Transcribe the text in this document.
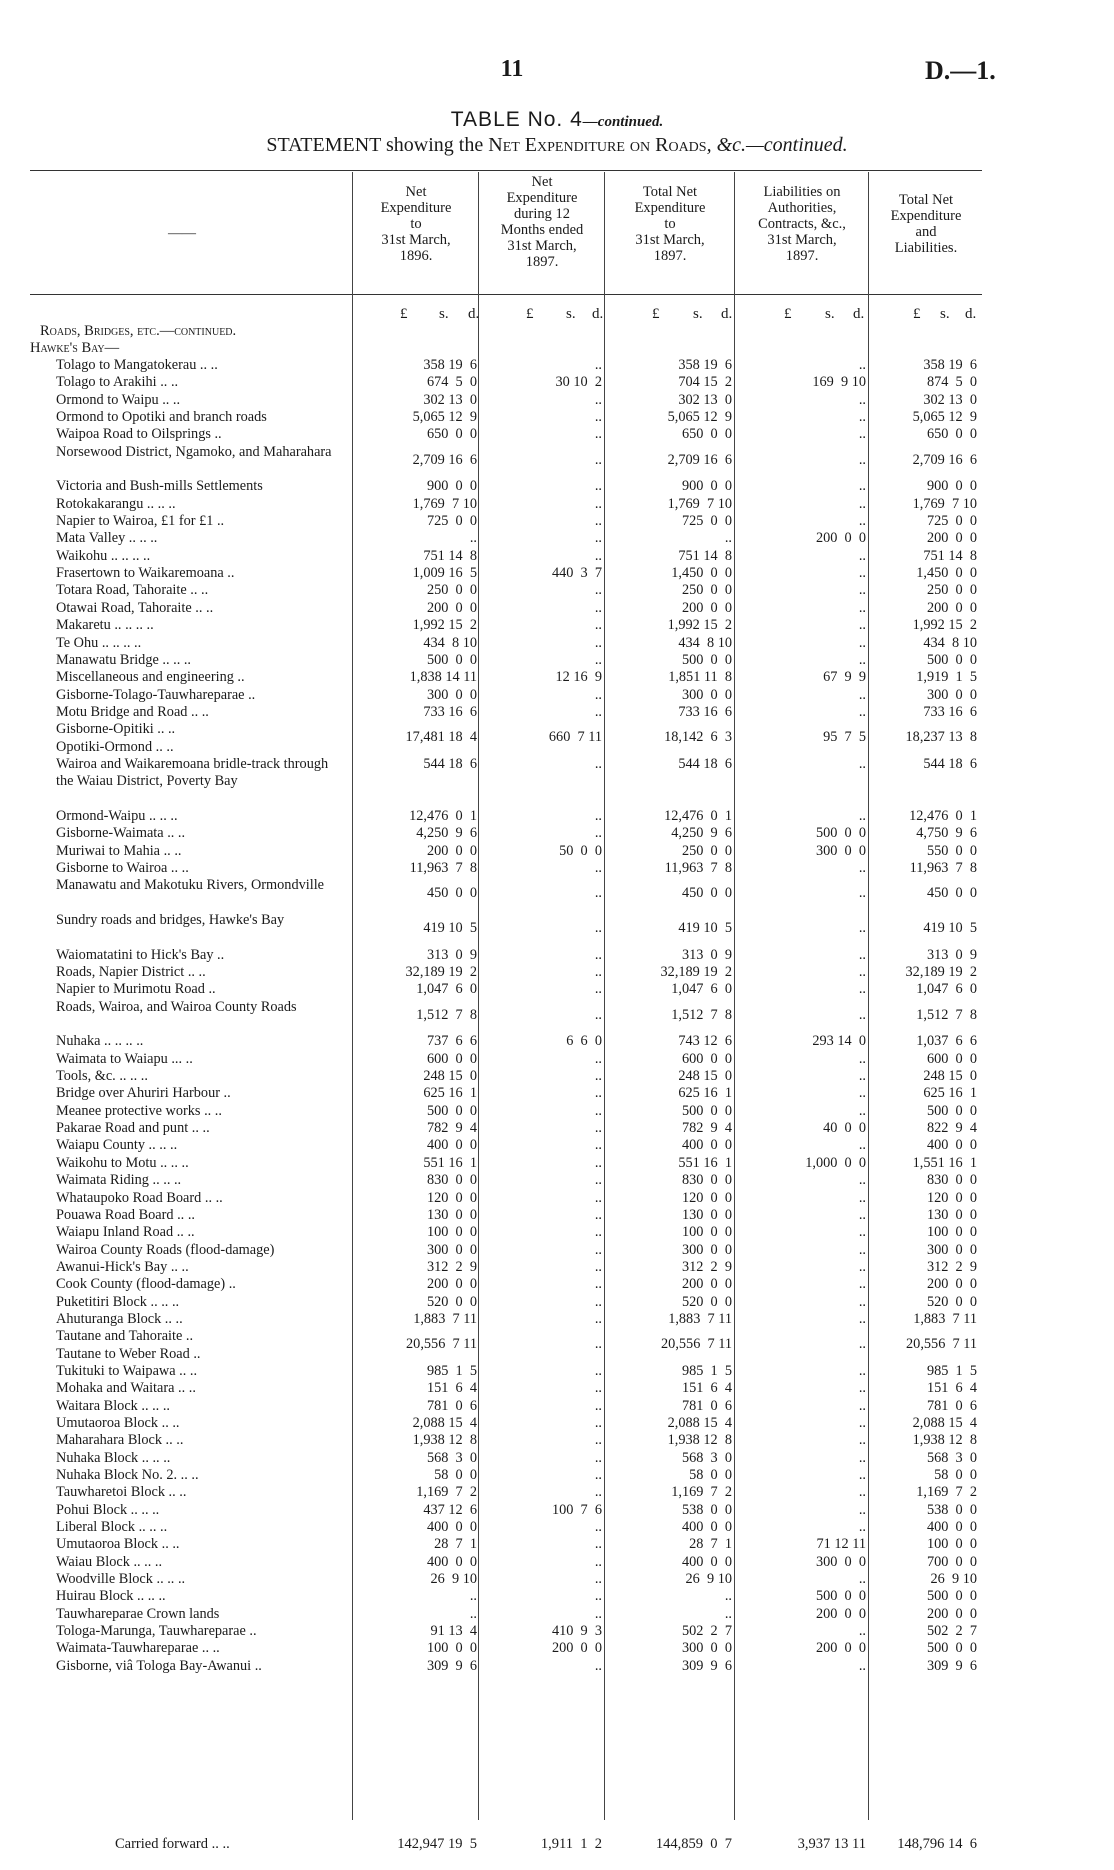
11	D.—1.
TABLE No. 4—continued.
STATEMENT showing the Net Expenditure on Roads, &c.—continued.
——
Net
Expenditure
to
31st March,
1896.
Net
Expenditure
during 12
Months ended
31st March,
1897.
Total Net
Expenditure
to
31st March,
1897.
Liabilities on
Authorities,
Contracts, &c.,
31st March,
1897.
Total Net
Expenditure
and
Liabilities.
£ s. d.	£ s. d.	£ s. d.	£ s. d.	£ s. d.
Roads, Bridges, etc.—continued.
Hawke's Bay—
Tolago to Mangatokerau .. ..	358 19  6	..	358 19  6	..	358 19  6
Tolago to Arakihi .. ..	674  5  0	30 10  2	704 15  2	169  9 10	874  5  0
Ormond to Waipu .. ..	302 13  0	..	302 13  0	..	302 13  0
Ormond to Opotiki and branch roads	5,065 12  9	..	5,065 12  9	..	5,065 12  9
Waipoa Road to Oilsprings ..	650  0  0	..	650  0  0	..	650  0  0
Norsewood District, Ngamoko, and Maharahara	2,709 16  6	..	2,709 16  6	..	2,709 16  6
Victoria and Bush-mills Settlements	900  0  0	..	900  0  0	..	900  0  0
Rotokakarangu .. .. ..	1,769  7 10	..	1,769  7 10	..	1,769  7 10
Napier to Wairoa, £1 for £1 ..	725  0  0	..	725  0  0	..	725  0  0
Mata Valley .. .. ..	..	..	..	200  0  0	200  0  0
Waikohu .. .. .. ..	751 14  8	..	751 14  8	..	751 14  8
Frasertown to Waikaremoana ..	1,009 16  5	440  3  7	1,450  0  0	..	1,450  0  0
Totara Road, Tahoraite .. ..	250  0  0	..	250  0  0	..	250  0  0
Otawai Road, Tahoraite .. ..	200  0  0	..	200  0  0	..	200  0  0
Makaretu .. .. .. ..	1,992 15  2	..	1,992 15  2	..	1,992 15  2
Te Ohu .. .. .. ..	434  8 10	..	434  8 10	..	434  8 10
Manawatu Bridge .. .. ..	500  0  0	..	500  0  0	..	500  0  0
Miscellaneous and engineering ..	1,838 14 11	12 16  9	1,851 11  8	67  9  9	1,919  1  5
Gisborne-Tolago-Tauwhareparae ..	300  0  0	..	300  0  0	..	300  0  0
Motu Bridge and Road .. ..	733 16  6	..	733 16  6	..	733 16  6
Gisborne-Opitiki .. ..
Opotiki-Ormond .. ..
17,481 18  4	660  7 11	18,142  6  3	95  7  5	18,237 13  8
Wairoa and Waikaremoana bridle-track through the Waiau District, Poverty Bay
544 18  6	..	544 18  6	..	544 18  6
Ormond-Waipu .. .. ..	12,476  0  1	..	12,476  0  1	..	12,476  0  1
Gisborne-Waimata .. ..	4,250  9  6	..	4,250  9  6	500  0  0	4,750  9  6
Muriwai to Mahia .. ..	200  0  0	50  0  0	250  0  0	300  0  0	550  0  0
Gisborne to Wairoa .. ..	11,963  7  8	..	11,963  7  8	..	11,963  7  8
Manawatu and Makotuku Rivers, Ormondville	450  0  0	..	450  0  0	..	450  0  0
Sundry roads and bridges, Hawke's Bay	419 10  5	..	419 10  5	..	419 10  5
Waiomatatini to Hick's Bay ..	313  0  9	..	313  0  9	..	313  0  9
Roads, Napier District .. ..	32,189 19  2	..	32,189 19  2	..	32,189 19  2
Napier to Murimotu Road ..	1,047  6  0	..	1,047  6  0	..	1,047  6  0
Roads, Wairoa, and Wairoa County Roads	1,512  7  8	..	1,512  7  8	..	1,512  7  8
Nuhaka .. .. .. ..	737  6  6	6  6  0	743 12  6	293 14  0	1,037  6  6
Waimata to Waiapu ... ..	600  0  0	..	600  0  0	..	600  0  0
Tools, &c. .. .. ..	248 15  0	..	248 15  0	..	248 15  0
Bridge over Ahuriri Harbour ..	625 16  1	..	625 16  1	..	625 16  1
Meanee protective works .. ..	500  0  0	..	500  0  0	..	500  0  0
Pakarae Road and punt .. ..	782  9  4	..	782  9  4	40  0  0	822  9  4
Waiapu County .. .. ..	400  0  0	..	400  0  0	..	400  0  0
Waikohu to Motu .. .. ..	551 16  1	..	551 16  1	1,000  0  0	1,551 16  1
Waimata Riding .. .. ..	830  0  0	..	830  0  0	..	830  0  0
Whataupoko Road Board .. ..	120  0  0	..	120  0  0	..	120  0  0
Pouawa Road Board .. ..	130  0  0	..	130  0  0	..	130  0  0
Waiapu Inland Road .. ..	100  0  0	..	100  0  0	..	100  0  0
Wairoa County Roads (flood-damage)	300  0  0	..	300  0  0	..	300  0  0
Awanui-Hick's Bay .. ..	312  2  9	..	312  2  9	..	312  2  9
Cook County (flood-damage) ..	200  0  0	..	200  0  0	..	200  0  0
Puketitiri Block .. .. ..	520  0  0	..	520  0  0	..	520  0  0
Ahuturanga Block .. ..	1,883  7 11	..	1,883  7 11	..	1,883  7 11
Tautane and Tahoraite ..
Tautane to Weber Road ..
20,556  7 11	..	20,556  7 11	..	20,556  7 11
Tukituki to Waipawa .. ..	985  1  5	..	985  1  5	..	985  1  5
Mohaka and Waitara .. ..	151  6  4	..	151  6  4	..	151  6  4
Waitara Block .. .. ..	781  0  6	..	781  0  6	..	781  0  6
Umutaoroa Block .. ..	2,088 15  4	..	2,088 15  4	..	2,088 15  4
Maharahara Block .. ..	1,938 12  8	..	1,938 12  8	..	1,938 12  8
Nuhaka Block .. .. ..	568  3  0	..	568  3  0	..	568  3  0
Nuhaka Block No. 2. .. ..	58  0  0	..	58  0  0	..	58  0  0
Tauwharetoi Block .. ..	1,169  7  2	..	1,169  7  2	..	1,169  7  2
Pohui Block .. .. ..	437 12  6	100  7  6	538  0  0	..	538  0  0
Liberal Block .. .. ..	400  0  0	..	400  0  0	..	400  0  0
Umutaoroa Block .. ..	28  7  1	..	28  7  1	71 12 11	100  0  0
Waiau Block .. .. ..	400  0  0	..	400  0  0	300  0  0	700  0  0
Woodville Block .. .. ..	26  9 10	..	26  9 10	..	26  9 10
Huirau Block .. .. ..	..	..	..	500  0  0	500  0  0
Tauwhareparae Crown lands	..	..	..	200  0  0	200  0  0
Tologa-Marunga, Tauwhareparae ..	91 13  4	410  9  3	502  2  7	..	502  2  7
Waimata-Tauwhareparae .. ..	100  0  0	200  0  0	300  0  0	200  0  0	500  0  0
Gisborne, viâ Tologa Bay-Awanui ..	309  9  6	..	309  9  6	..	309  9  6
Carried forward .. ..	142,947 19  5	1,911  1  2	144,859  0  7	3,937 13 11	148,796 14  6
